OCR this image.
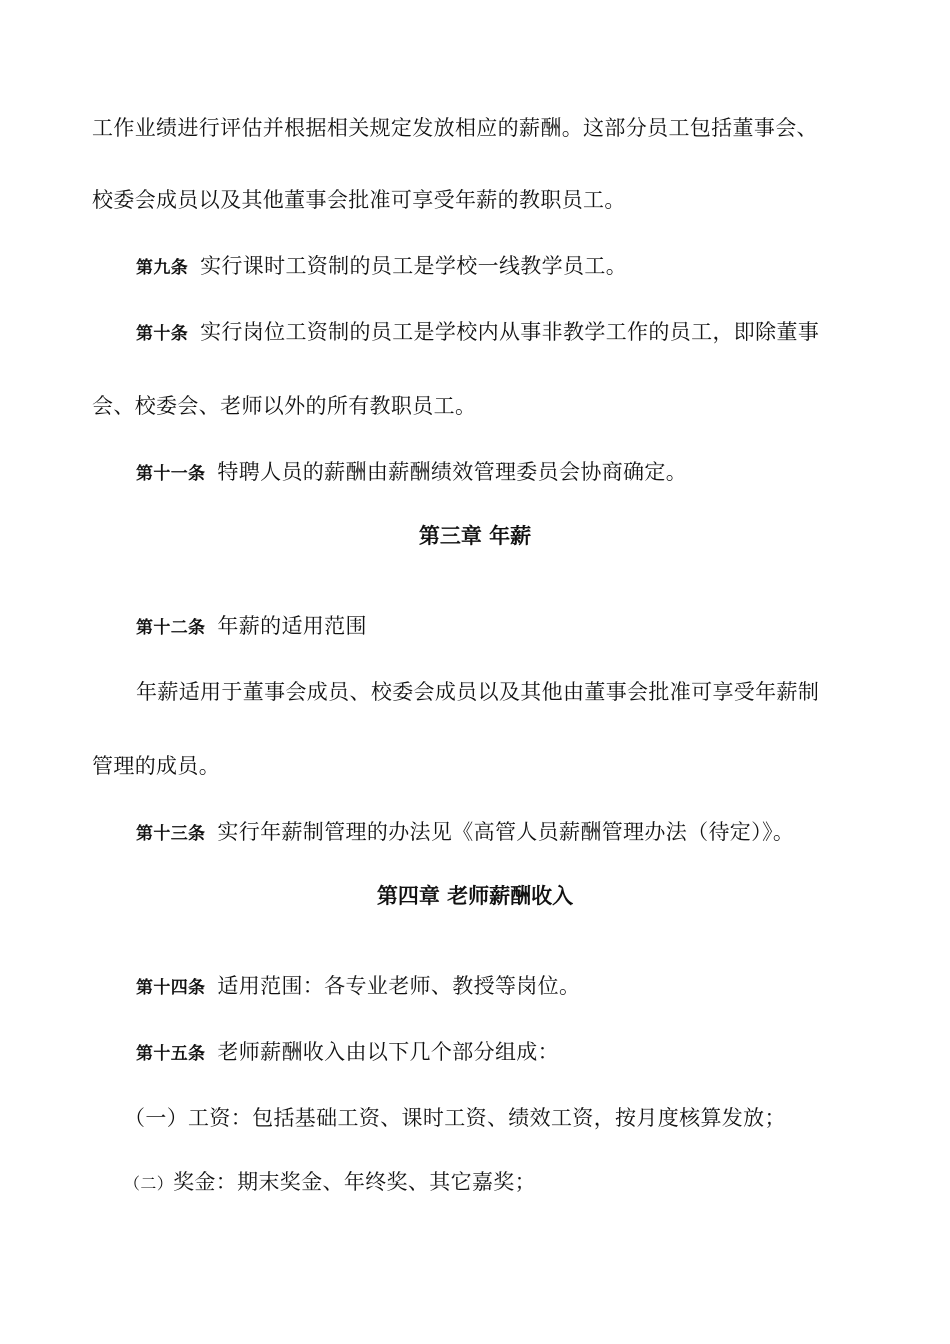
工作业绩进行评估并根据相关规定发放相应的薪酬。这部分员工包括董事会、
校委会成员以及其他董事会批准可享受年薪的教职员工。
第九条 实行课时工资制的员工是学校一线教学员工。
第十条 实行岗位工资制的员工是学校内从事非教学工作的员工，即除董事
会、校委会、老师以外的所有教职员工。
第十一条 特聘人员的薪酬由薪酬绩效管理委员会协商确定。
第三章 年薪
第十二条 年薪的适用范围
年薪适用于董事会成员、校委会成员以及其他由董事会批准可享受年薪制
管理的成员。
第十三条 实行年薪制管理的办法见《高管人员薪酬管理办法（待定）》。
第四章 老师薪酬收入
第十四条 适用范围：各专业老师、教授等岗位。
第十五条 老师薪酬收入由以下几个部分组成：
（一）工资：包括基础工资、课时工资、绩效工资，按月度核算发放；
（二）奖金：期末奖金、年终奖、其它嘉奖；
